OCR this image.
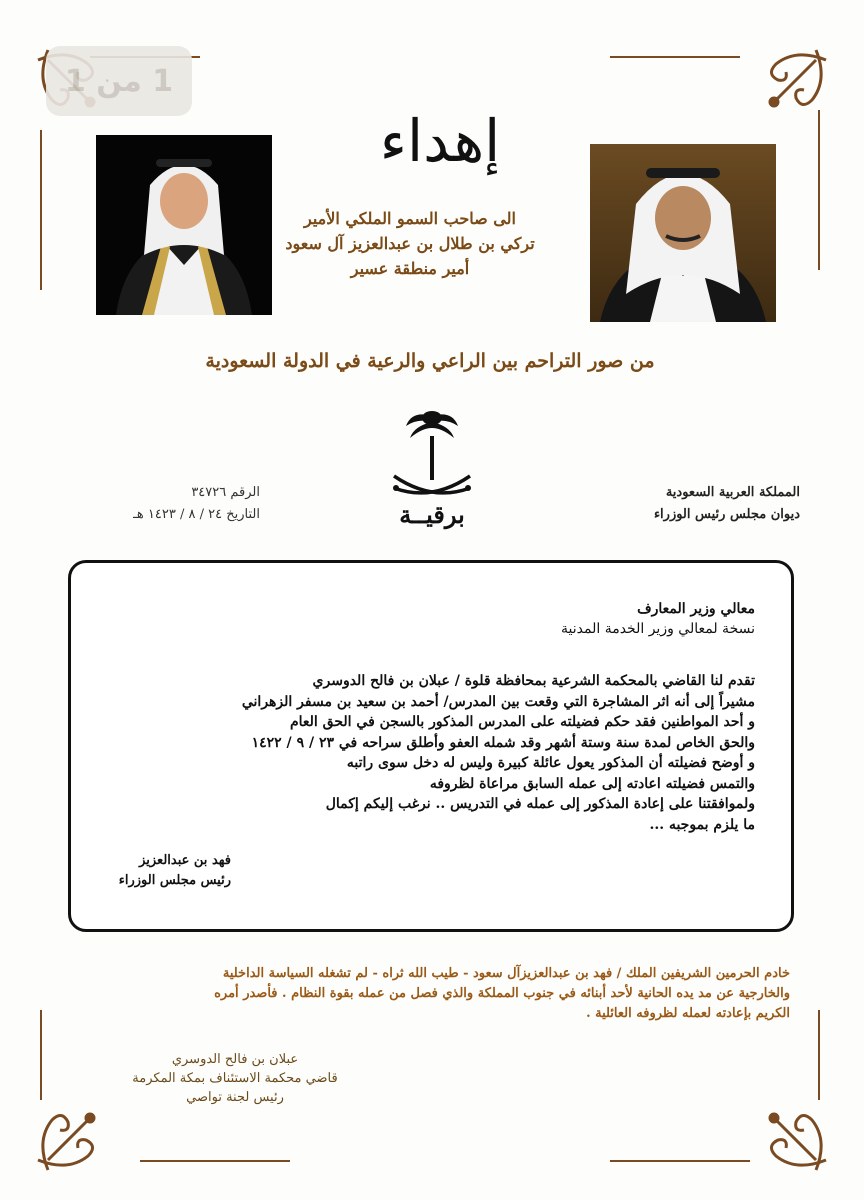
1 من 1
إهداء
الى صاحب السمو الملكي الأمير
تركي بن طلال بن عبدالعزيز آل سعود
أمير منطقة عسير
من صور التراحم بين الراعي والرعية في الدولة السعودية
برقيــة
المملكة العربية السعودية
ديوان مجلس رئيس الوزراء
الرقم ٣٤٧٢٦
التاريخ ٢٤ / ٨ / ١٤٢٣ هـ
معالي وزير المعارف
نسخة لمعالي وزير الخدمة المدنية
تقدم لنا القاضي بالمحكمة الشرعية بمحافظة قلوة / عبلان بن فالح الدوسري
مشيراً إلى أنه اثر المشاجرة التي وقعت بين المدرس/ أحمد بن سعيد بن مسفر الزهراني
و أحد المواطنين فقد حكم فضيلته على المدرس المذكور بالسجن في الحق العام
والحق الخاص لمدة سنة وستة أشهر وقد شمله العفو وأطلق سراحه في ٢٣ / ٩ / ١٤٢٢
و أوضح فضيلته أن المذكور يعول عائلة كبيرة وليس له دخل سوى راتبه
والتمس فضيلته اعادته إلى عمله السابق مراعاة لظروفه
ولموافقتنا على إعادة المذكور إلى عمله في التدريس .. نرغب إليكم إكمال
ما يلزم بموجبه ...
فهد بن عبدالعزيز
رئيس مجلس الوزراء
خادم الحرمين الشريفين الملك / فهد بن عبدالعزيزآل سعود - طيب الله ثراه - لم تشغله السياسة الداخلية
والخارجية عن مد يده الحانية لأحد أبنائه في جنوب المملكة والذي فصل من عمله بقوة النظام . فأصدر أمره
الكريم بإعادته لعمله لظروفه العائلية .
عبلان بن فالح الدوسري
قاضي محكمة الاستئناف بمكة المكرمة
رئيس لجنة تواصي
